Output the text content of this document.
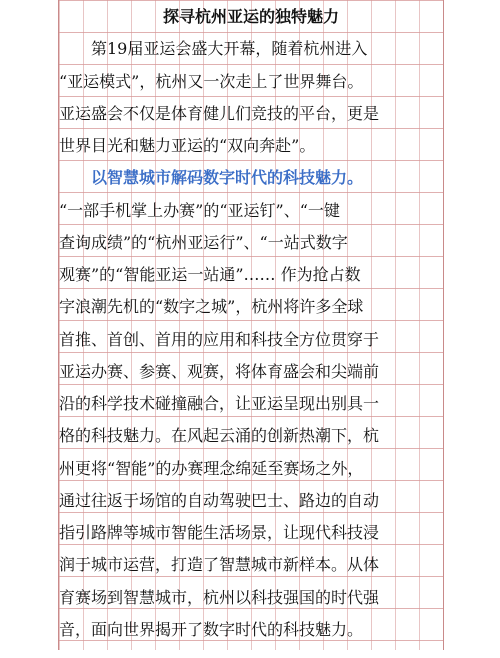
探寻杭州亚运的独特魅力
　　第19届亚运会盛大开幕，随着杭州进入
“亚运模式”，杭州又一次走上了世界舞台。
亚运盛会不仅是体育健儿们竞技的平台，更是
世界目光和魅力亚运的“双向奔赴”。
　　以智慧城市解码数字时代的科技魅力。
“一部手机掌上办赛”的“亚运钉”、“一键
查询成绩”的“杭州亚运行”、“一站式数字
观赛”的“智能亚运一站通”…… 作为抢占数
字浪潮先机的“数字之城”，杭州将许多全球
首推、首创、首用的应用和科技全方位贯穿于
亚运办赛、参赛、观赛，将体育盛会和尖端前
沿的科学技术碰撞融合，让亚运呈现出别具一
格的科技魅力。在风起云涌的创新热潮下，杭
州更将“智能”的办赛理念绵延至赛场之外，
通过往返于场馆的自动驾驶巴士、路边的自动
指引路牌等城市智能生活场景，让现代科技浸
润于城市运营，打造了智慧城市新样本。从体
育赛场到智慧城市，杭州以科技强国的时代强
音，面向世界揭开了数字时代的科技魅力。
